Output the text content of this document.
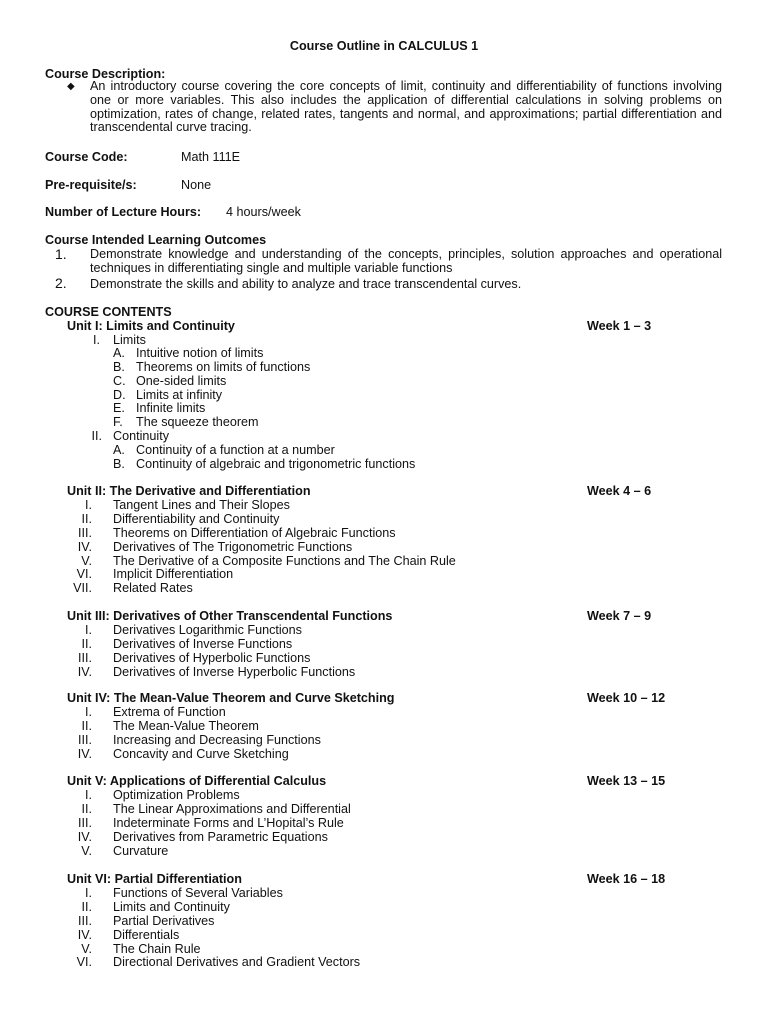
Course Outline in CALCULUS 1
Course Description:
◆ An introductory course covering the core concepts of limit, continuity and differentiability of functions involving one or more variables. This also includes the application of differential calculations in solving problems on optimization, rates of change, related rates, tangents and normal, and approximations; partial differentiation and transcendental curve tracing.
Course Code:	Math 111E
Pre-requisite/s:	None
Number of Lecture Hours: 4 hours/week
Course Intended Learning Outcomes
1. Demonstrate knowledge and understanding of the concepts, principles, solution approaches and operational techniques in differentiating single and multiple variable functions
2. Demonstrate the skills and ability to analyze and trace transcendental curves.
COURSE CONTENTS
Unit I: Limits and Continuity	Week 1 – 3
I. Limits
A. Intuitive notion of limits
B. Theorems on limits of functions
C. One-sided limits
D. Limits at infinity
E. Infinite limits
F. The squeeze theorem
II. Continuity
A. Continuity of a function at a number
B. Continuity of algebraic and trigonometric functions
Unit II: The Derivative and Differentiation	Week 4 – 6
I. Tangent Lines and Their Slopes
II. Differentiability and Continuity
III. Theorems on Differentiation of Algebraic Functions
IV. Derivatives of The Trigonometric Functions
V. The Derivative of a Composite Functions and The Chain Rule
VI. Implicit Differentiation
VII. Related Rates
Unit III: Derivatives of Other Transcendental Functions	Week 7 – 9
I. Derivatives Logarithmic Functions
II. Derivatives of Inverse Functions
III. Derivatives of Hyperbolic Functions
IV. Derivatives of Inverse Hyperbolic Functions
Unit IV: The Mean-Value Theorem and Curve Sketching	Week 10 – 12
I. Extrema of Function
II. The Mean-Value Theorem
III. Increasing and Decreasing Functions
IV. Concavity and Curve Sketching
Unit V: Applications of Differential Calculus	Week 13 – 15
I. Optimization Problems
II. The Linear Approximations and Differential
III. Indeterminate Forms and L’Hopital’s Rule
IV. Derivatives from Parametric Equations
V. Curvature
Unit VI: Partial Differentiation	Week 16 – 18
I. Functions of Several Variables
II. Limits and Continuity
III. Partial Derivatives
IV. Differentials
V. The Chain Rule
VI. Directional Derivatives and Gradient Vectors
